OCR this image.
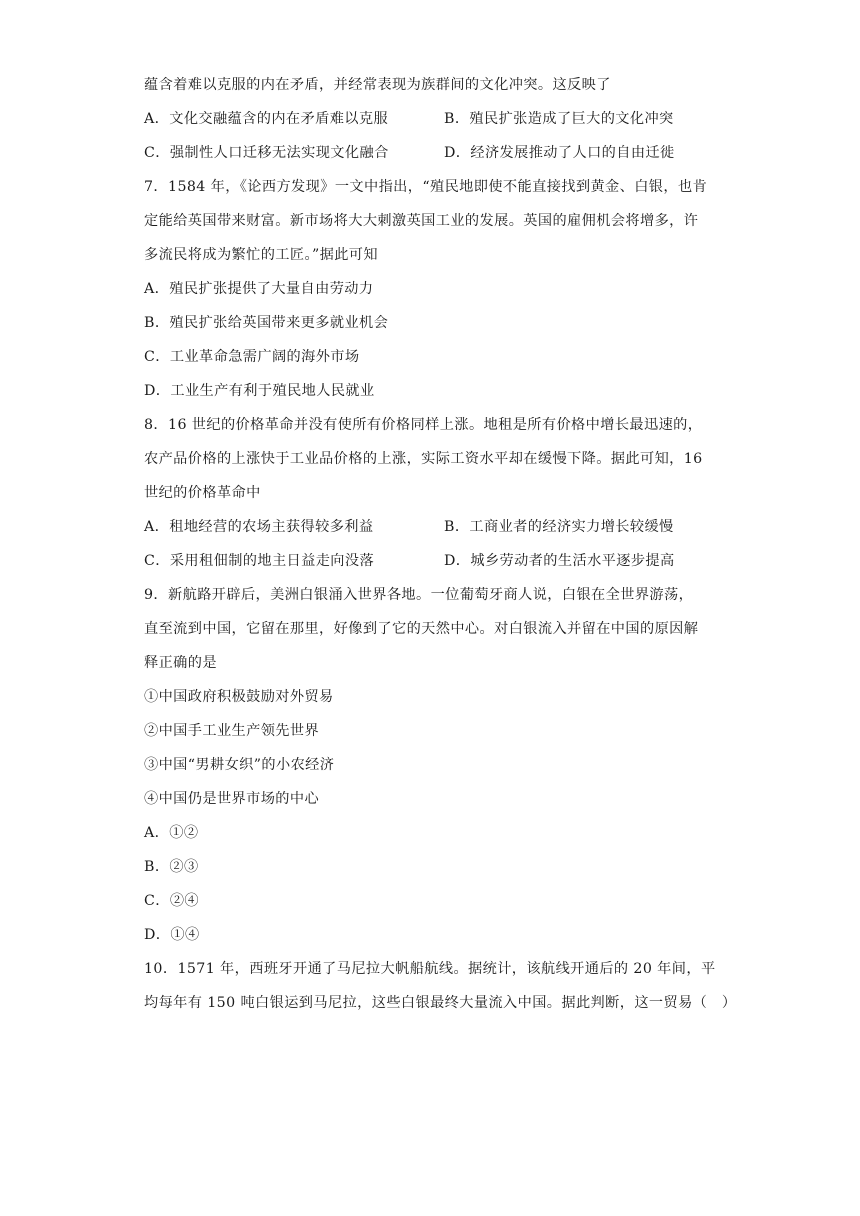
蕴含着难以克服的内在矛盾，并经常表现为族群间的文化冲突。这反映了
A．文化交融蕴含的内在矛盾难以克服	B．殖民扩张造成了巨大的文化冲突
C．强制性人口迁移无法实现文化融合	D．经济发展推动了人口的自由迁徙
7．1584 年，《论西方发现》一文中指出，“殖民地即使不能直接找到黄金、白银，也肯
定能给英国带来财富。新市场将大大刺激英国工业的发展。英国的雇佣机会将增多，许
多流民将成为繁忙的工匠。”据此可知
A．殖民扩张提供了大量自由劳动力
B．殖民扩张给英国带来更多就业机会
C．工业革命急需广阔的海外市场
D．工业生产有利于殖民地人民就业
8．16 世纪的价格革命并没有使所有价格同样上涨。地租是所有价格中增长最迅速的，
农产品价格的上涨快于工业品价格的上涨，实际工资水平却在缓慢下降。据此可知，16
世纪的价格革命中
A．租地经营的农场主获得较多利益	B．工商业者的经济实力增长较缓慢
C．采用租佃制的地主日益走向没落	D．城乡劳动者的生活水平逐步提高
9．新航路开辟后，美洲白银涌入世界各地。一位葡萄牙商人说，白银在全世界游荡，
直至流到中国，它留在那里，好像到了它的天然中心。对白银流入并留在中国的原因解
释正确的是
①中国政府积极鼓励对外贸易
②中国手工业生产领先世界
③中国“男耕女织”的小农经济
④中国仍是世界市场的中心
A．①②
B．②③
C．②④
D．①④
10．1571 年，西班牙开通了马尼拉大帆船航线。据统计，该航线开通后的 20 年间，平
均每年有 150 吨白银运到马尼拉，这些白银最终大量流入中国。据此判断，这一贸易（　）
